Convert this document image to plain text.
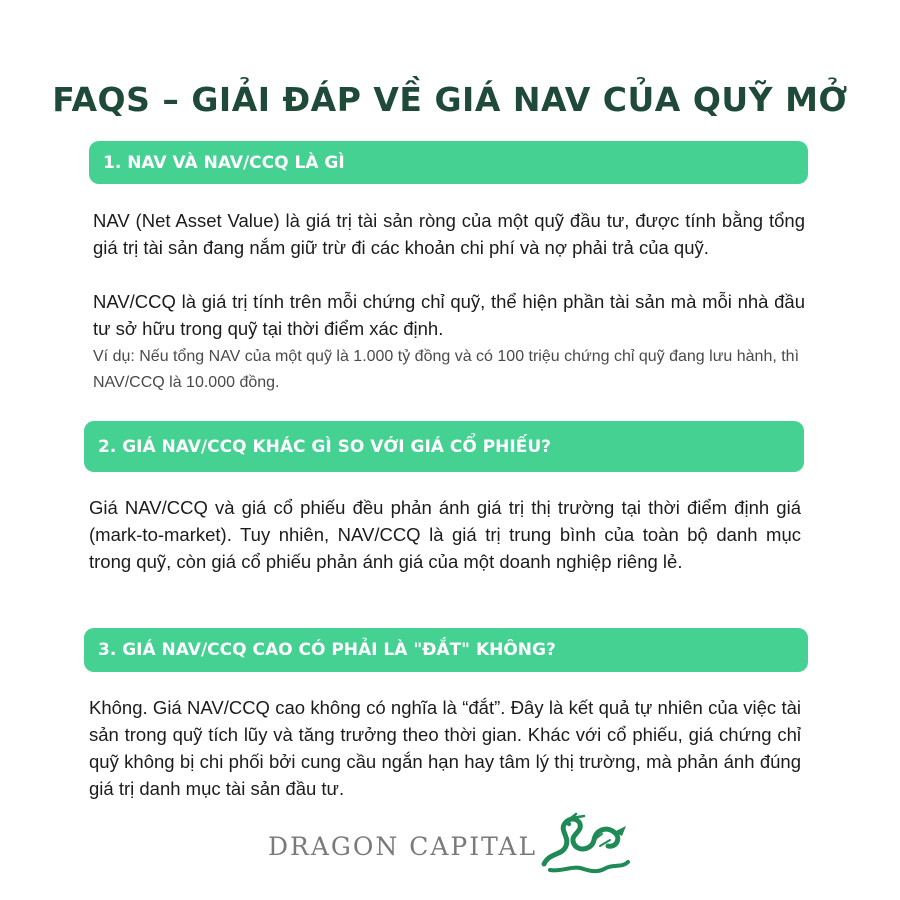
FAQS – GIẢI ĐÁP VỀ GIÁ NAV CỦA QUỸ MỞ
1. NAV VÀ NAV/CCQ LÀ GÌ

NAV (Net Asset Value) là giá trị tài sản ròng của một quỹ đầu tư, được tính bằng tổng giá trị tài sản đang nắm giữ trừ đi các khoản chi phí và nợ phải trả của quỹ.

NAV/CCQ là giá trị tính trên mỗi chứng chỉ quỹ, thể hiện phần tài sản mà mỗi nhà đầu tư sở hữu trong quỹ tại thời điểm xác định.

Ví dụ: Nếu tổng NAV của một quỹ là 1.000 tỷ đồng và có 100 triệu chứng chỉ quỹ đang lưu hành, thì NAV/CCQ là 10.000 đồng.

2. GIÁ NAV/CCQ KHÁC GÌ SO VỚI GIÁ CỔ PHIẾU?

Giá NAV/CCQ và giá cổ phiếu đều phản ánh giá trị thị trường tại thời điểm định giá (mark-to-market). Tuy nhiên, NAV/CCQ là giá trị trung bình của toàn bộ danh mục trong quỹ, còn giá cổ phiếu phản ánh giá của một doanh nghiệp riêng lẻ.

3. GIÁ NAV/CCQ CAO CÓ PHẢI LÀ "ĐẮT" KHÔNG?

Không. Giá NAV/CCQ cao không có nghĩa là “đắt”. Đây là kết quả tự nhiên của việc tài sản trong quỹ tích lũy và tăng trưởng theo thời gian. Khác với cổ phiếu, giá chứng chỉ quỹ không bị chi phối bởi cung cầu ngắn hạn hay tâm lý thị trường, mà phản ánh đúng giá trị danh mục tài sản đầu tư.

DRAGON CAPITAL
